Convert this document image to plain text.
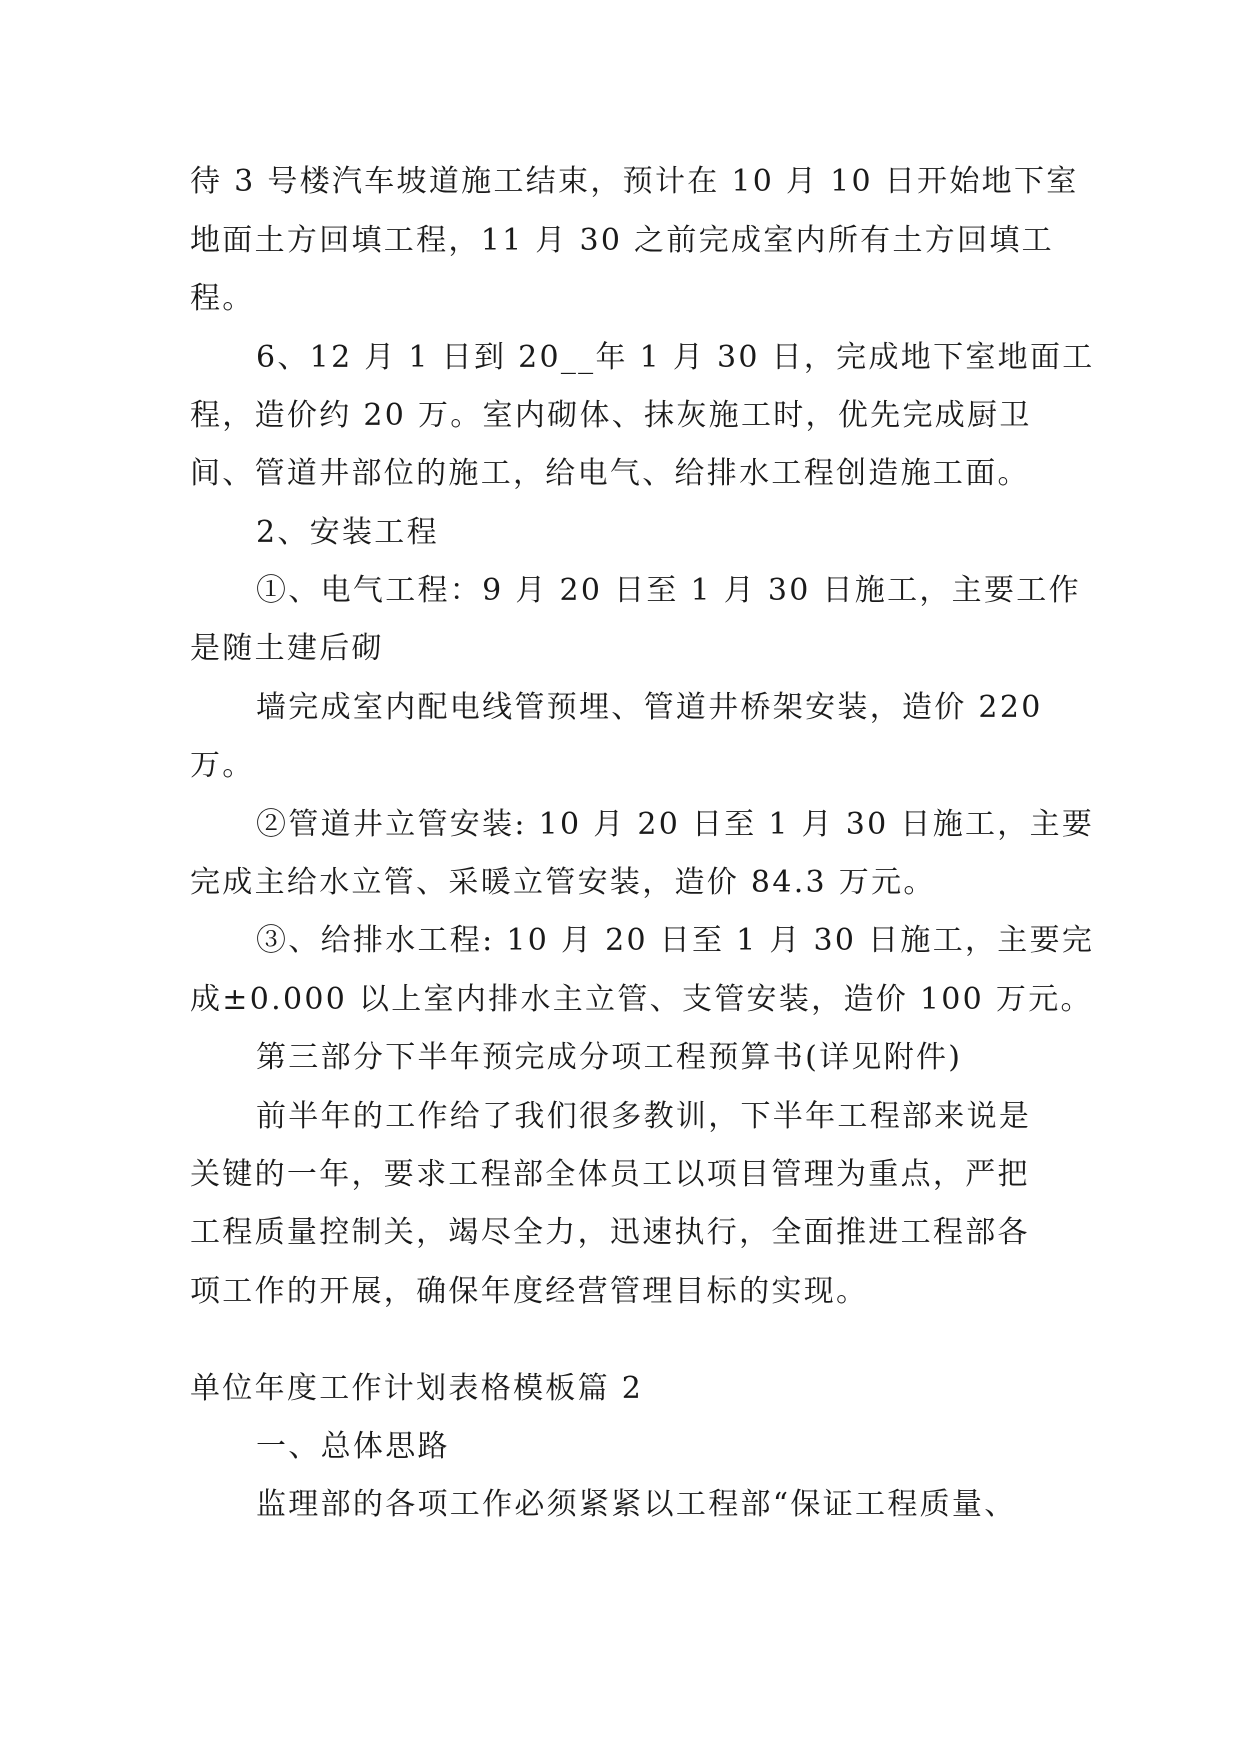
待 3 号楼汽车坡道施工结束，预计在 10 月 10 日开始地下室
地面土方回填工程，11 月 30 之前完成室内所有土方回填工
程。
6、12 月 1 日到 20__年 1 月 30 日，完成地下室地面工
程，造价约 20 万。室内砌体、抹灰施工时，优先完成厨卫
间、管道井部位的施工，给电气、给排水工程创造施工面。
2、安装工程
①、电气工程：9 月 20 日至 1 月 30 日施工，主要工作
是随土建后砌
墙完成室内配电线管预埋、管道井桥架安装，造价 220
万。
②管道井立管安装: 10 月 20 日至 1 月 30 日施工，主要
完成主给水立管、采暖立管安装，造价 84.3 万元。
③、给排水工程: 10 月 20 日至 1 月 30 日施工，主要完
成±0.000 以上室内排水主立管、支管安装，造价 100 万元。
第三部分下半年预完成分项工程预算书(详见附件)
前半年的工作给了我们很多教训，下半年工程部来说是
关键的一年，要求工程部全体员工以项目管理为重点，严把
工程质量控制关，竭尽全力，迅速执行，全面推进工程部各
项工作的开展，确保年度经营管理目标的实现。
单位年度工作计划表格模板篇 2
一、总体思路
监理部的各项工作必须紧紧以工程部“保证工程质量、
